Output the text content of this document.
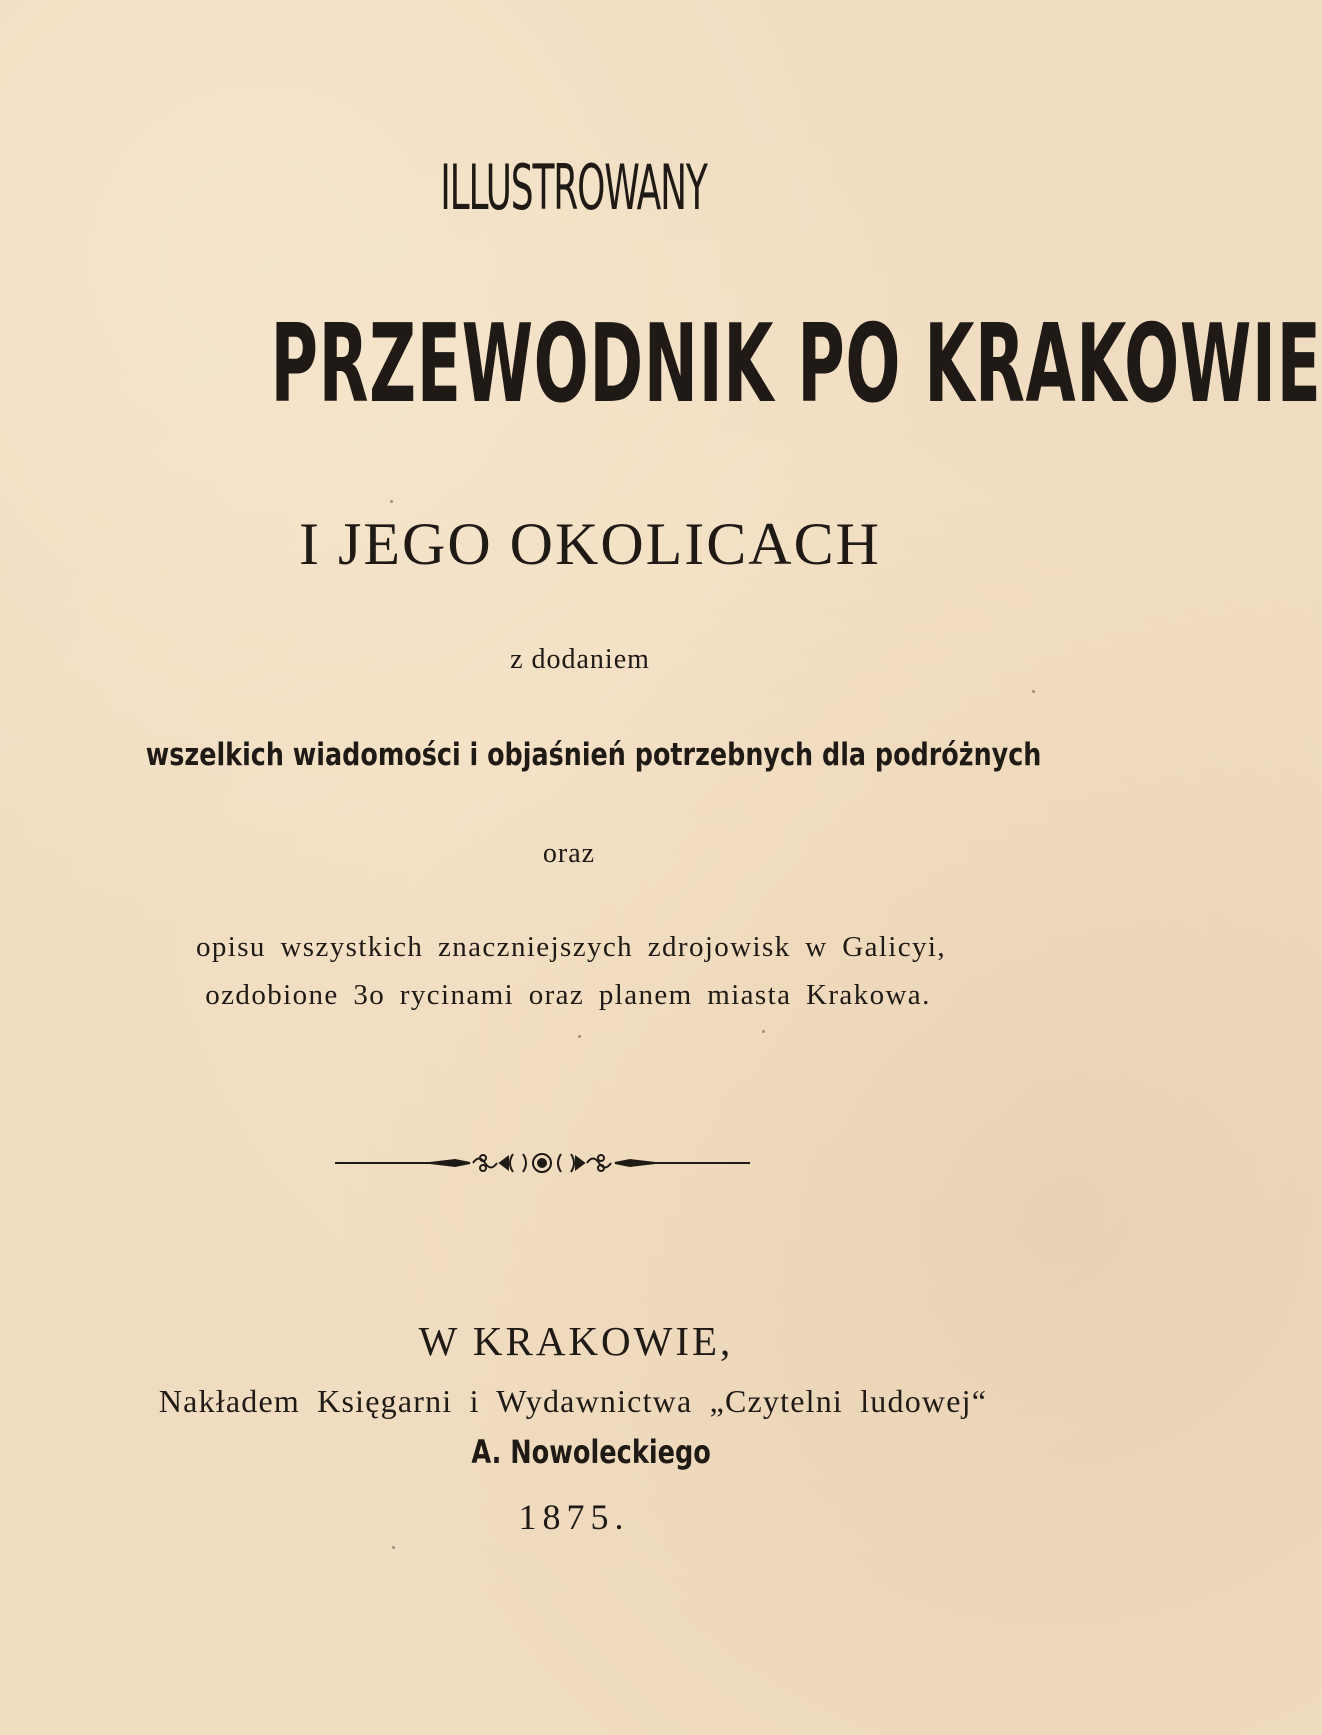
ILLUSTROWANY
PRZEWODNIK PO KRAKOWIE
I JEGO OKOLICACH
z dodaniem
wszelkich wiadomości i objaśnień potrzebnych dla podróżnych
oraz
opisu wszystkich znaczniejszych zdrojowisk w Galicyi,
ozdobione 3o rycinami oraz planem miasta Krakowa.
W KRAKOWIE,
Nakładem Księgarni i Wydawnictwa „Czytelni ludowej“
A. Nowoleckiego
1875.
